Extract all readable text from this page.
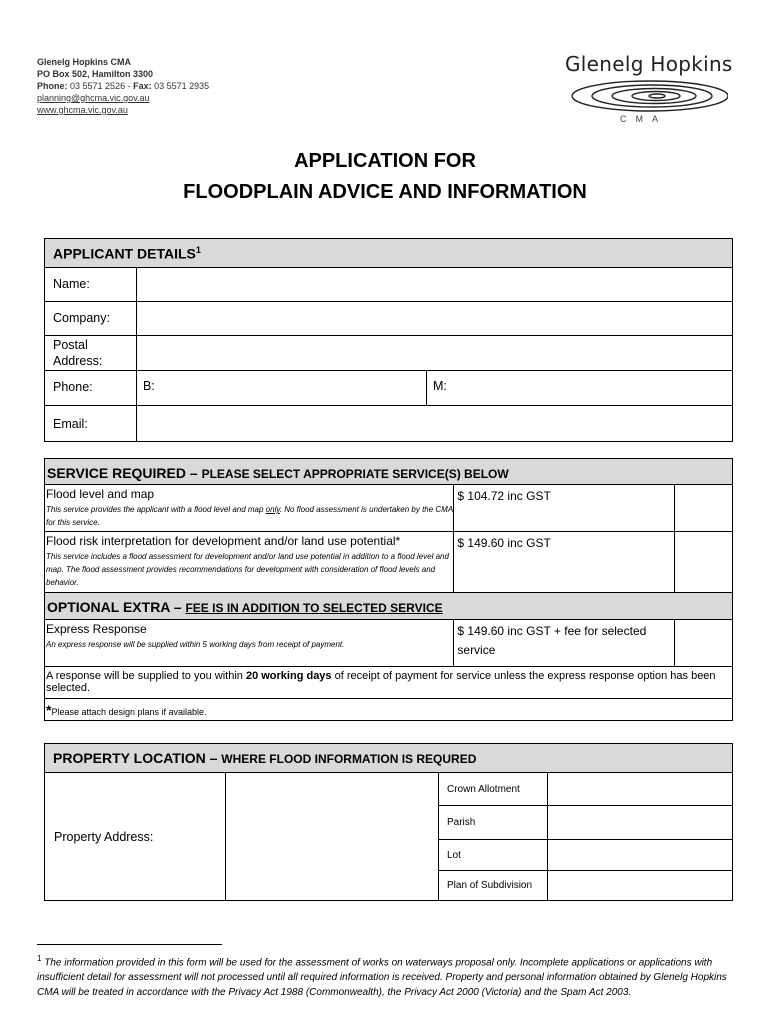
Glenelg Hopkins CMA
PO Box 502, Hamilton 3300
Phone: 03 5571 2526 - Fax: 03 5571 2935
planning@ghcma.vic.gov.au
www.ghcma.vic.gov.au
Glenelg Hopkins
CMA
APPLICATION FOR
FLOODPLAIN ADVICE AND INFORMATION
APPLICANT DETAILS$^1$
Name:		
Company:		

Postal
Address:		

Phone:	B:	M:
Email:		
SERVICE REQUIRED – PLEASE SELECT APPROPRIATE SERVICE(S) BELOW		

Flood level and map
This service provides the applicant with a flood level and map only. No flood assessment is undertaken by the CMA for this service.	$ 104.72 inc GST	

Flood risk interpretation for development and/or land use potential*
This service includes a flood assessment for development and/or land use potential in addition to a flood level and map. The flood assessment provides recommendations for development with consideration of flood levels and behavior.	$ 149.60 inc GST	
OPTIONAL EXTRA – FEE IS IN ADDITION TO SELECTED SERVICE		

Express Response
An express response will be supplied within 5 working days from receipt of payment.	$ 149.60 inc GST + fee for selected service	
A response will be supplied to you within 20 working days of receipt of payment for service unless the express response option has been selected.		
*Please attach design plans if available.		
PROPERTY LOCATION – WHERE FLOOD INFORMATION IS REQURED			
Property Address:		Crown Allotment	
		Parish	
		Lot	
		Plan of Subdivision	
$^1$ The information provided in this form will be used for the assessment of works on waterways proposal only. Incomplete applications or applications with insufficient detail for assessment will not processed until all required information is received. Property and personal information obtained by Glenelg Hopkins CMA will be treated in accordance with the Privacy Act 1988 (Commonwealth), the Privacy Act 2000 (Victoria) and the Spam Act 2003.
